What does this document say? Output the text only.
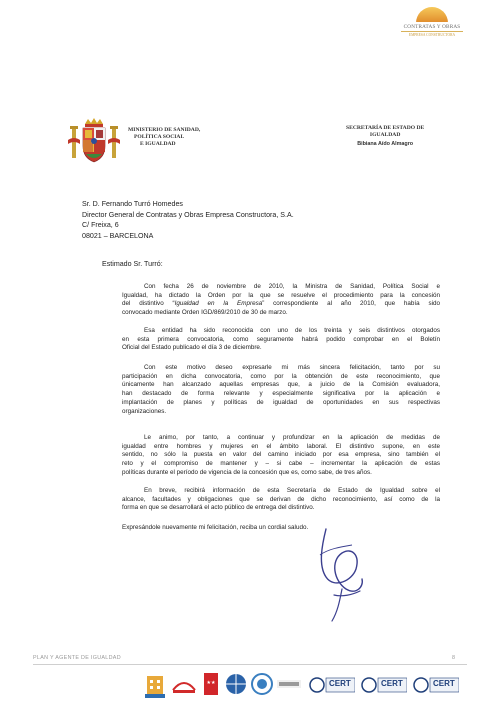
CONTRATAS Y OBRAS
EMPRESA CONSTRUCTORA
MINISTERIO DE SANIDAD,
POLÍTICA SOCIAL
E IGUALDAD
SECRETARÍA DE ESTADO DE
IGUALDAD
Bibiana Aído Almagro
Sr. D. Fernando Turró Homedes
Director General de Contratas y Obras Empresa Constructora, S.A.
C/ Freixa, 6
08021 – BARCELONA
Estimado Sr. Turró:
Con fecha 26 de noviembre de 2010, la Ministra de Sanidad, Política Social e
Igualdad, ha dictado la Orden por la que se resuelve el procedimiento para la concesión
del distintivo “Igualdad en la Empresa” correspondiente al año 2010, que había sido
convocado mediante Orden IGD/869/2010 de 30 de marzo.
Esa entidad ha sido reconocida con uno de los treinta y seis distintivos otorgados
en esta primera convocatoria, como seguramente habrá podido comprobar en el Boletín
Oficial del Estado publicado el día 3 de diciembre.
Con este motivo deseo expresarle mi más sincera felicitación, tanto por su
participación en dicha convocatoria, como por la obtención de este reconocimiento, que
únicamente han alcanzado aquellas empresas que, a juicio de la Comisión evaluadora,
han destacado de forma relevante y especialmente significativa por la aplicación e
implantación de planes y políticas de igualdad de oportunidades en sus respectivas
organizaciones.
Le animo, por tanto, a continuar y profundizar en la aplicación de medidas de
igualdad entre hombres y mujeres en el ámbito laboral. El distintivo supone, en este
sentido, no sólo la puesta en valor del camino iniciado por esa empresa, sino también el
reto y el compromiso de mantener y – si cabe – incrementar la aplicación de estas
políticas durante el período de vigencia de la concesión que es, como sabe, de tres años.
En breve, recibirá información de esta Secretaría de Estado de Igualdad sobre el
alcance, facultades y obligaciones que se derivan de dicho reconocimiento, así como de la
forma en que se desarrollará el acto público de entrega del distintivo.
Expresándole nuevamente mi felicitación, reciba un cordial saludo.
PLAN Y AGENTE DE IGUALDAD	8
★★	CERT	CERT	CERT
